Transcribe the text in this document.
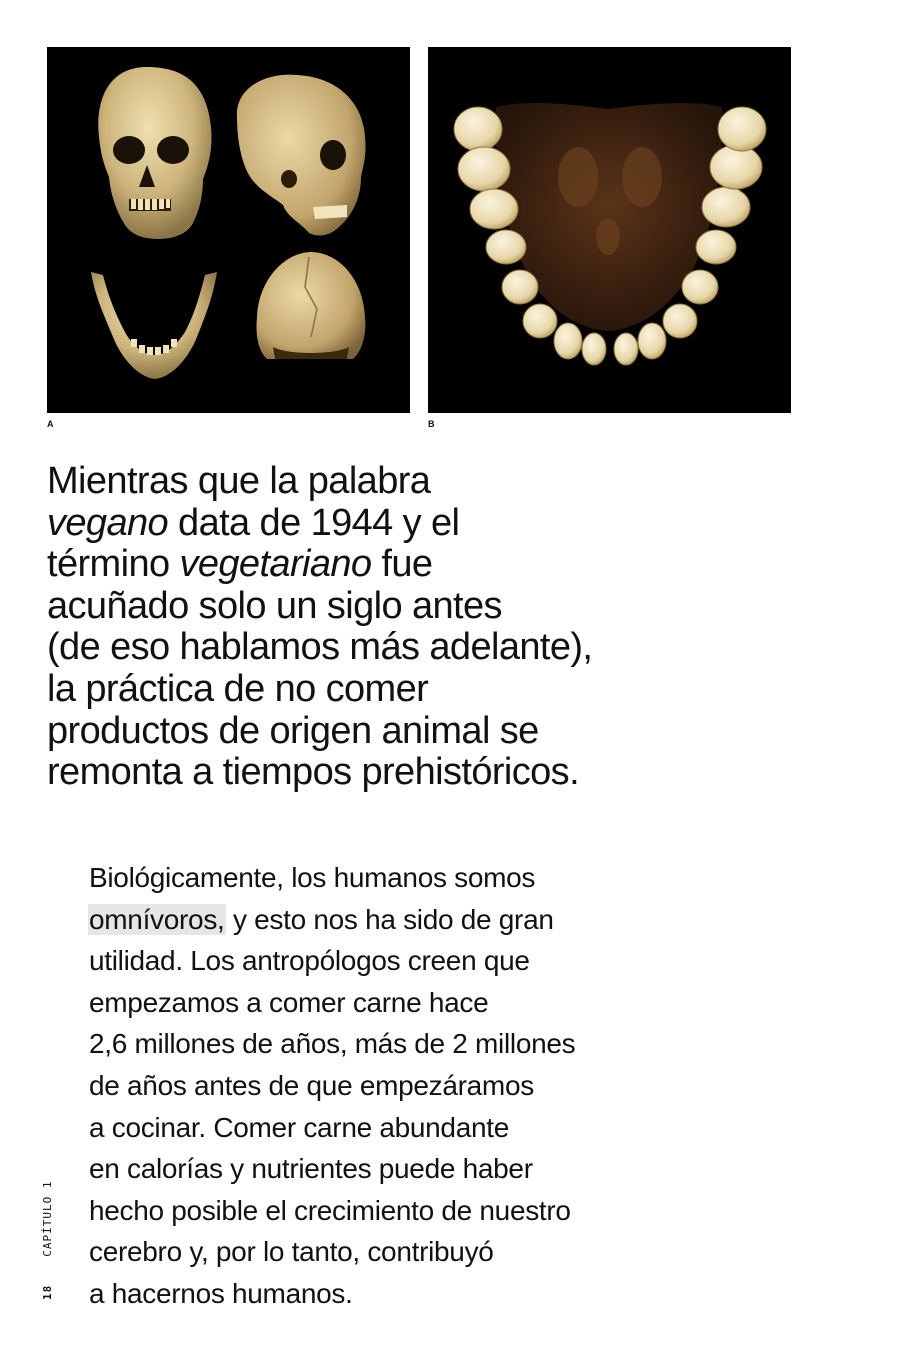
A	B

Mientras que la palabra
vegano data de 1944 y el
término vegetariano fue
acuñado solo un siglo antes
(de eso hablamos más adelante),
la práctica de no comer
productos de origen animal se
remonta a tiempos prehistóricos.

Biológicamente, los humanos somos
omnívoros, y esto nos ha sido de gran
utilidad. Los antropólogos creen que
empezamos a comer carne hace
2,6 millones de años, más de 2 millones
de años antes de que empezáramos
a cocinar. Comer carne abundante
en calorías y nutrientes puede haber
hecho posible el crecimiento de nuestro
cerebro y, por lo tanto, contribuyó
a hacernos humanos.

18CAPÍTULO 1
